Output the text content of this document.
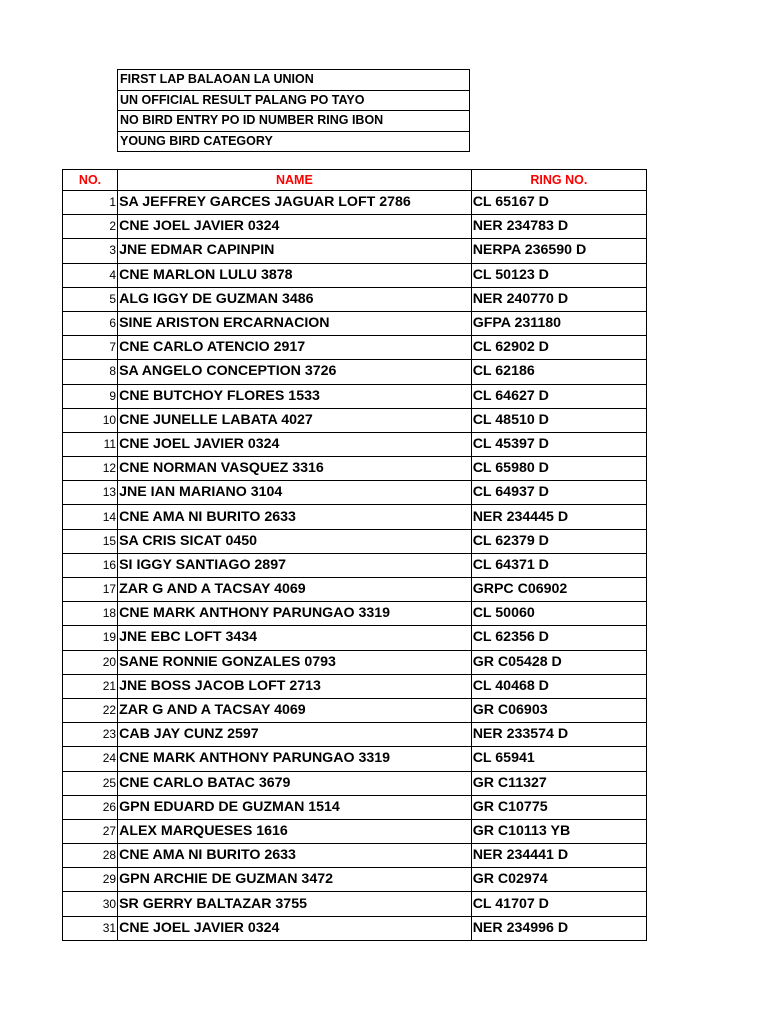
FIRST LAP BALAOAN LA UNION
UN OFFICIAL RESULT PALANG PO TAYO
NO BIRD ENTRY PO ID NUMBER RING IBON
YOUNG BIRD CATEGORY
NO.	NAME	RING NO.
1	SA JEFFREY GARCES JAGUAR LOFT 2786	CL 65167 D
2	CNE JOEL JAVIER 0324	NER 234783 D
3	JNE EDMAR CAPINPIN	NERPA 236590 D
4	CNE MARLON LULU 3878	CL 50123 D
5	ALG IGGY DE GUZMAN 3486	NER 240770 D
6	SINE ARISTON ERCARNACION	GFPA 231180
7	CNE CARLO ATENCIO 2917	CL 62902 D
8	SA ANGELO CONCEPTION 3726	CL 62186
9	CNE BUTCHOY FLORES 1533	CL 64627 D
10	CNE JUNELLE LABATA 4027	CL 48510 D
11	CNE JOEL JAVIER 0324	CL 45397 D
12	CNE NORMAN VASQUEZ 3316	CL 65980 D
13	JNE IAN MARIANO 3104	CL 64937 D
14	CNE AMA NI BURITO 2633	NER 234445 D
15	SA CRIS SICAT 0450	CL 62379 D
16	SI IGGY SANTIAGO 2897	CL 64371 D
17	ZAR G AND A TACSAY 4069	GRPC C06902
18	CNE MARK ANTHONY PARUNGAO 3319	CL 50060
19	JNE EBC LOFT 3434	CL 62356 D
20	SANE RONNIE GONZALES 0793	GR C05428 D
21	JNE BOSS JACOB LOFT 2713	CL 40468 D
22	ZAR G AND A TACSAY 4069	GR C06903
23	CAB JAY CUNZ 2597	NER 233574 D
24	CNE MARK ANTHONY PARUNGAO 3319	CL 65941
25	CNE CARLO BATAC 3679	GR C11327
26	GPN EDUARD DE GUZMAN 1514	GR C10775
27	ALEX MARQUESES 1616	GR C10113 YB
28	CNE AMA NI BURITO 2633	NER 234441 D
29	GPN ARCHIE DE GUZMAN 3472	GR C02974
30	SR GERRY BALTAZAR 3755	CL 41707 D
31	CNE JOEL JAVIER 0324	NER 234996 D
